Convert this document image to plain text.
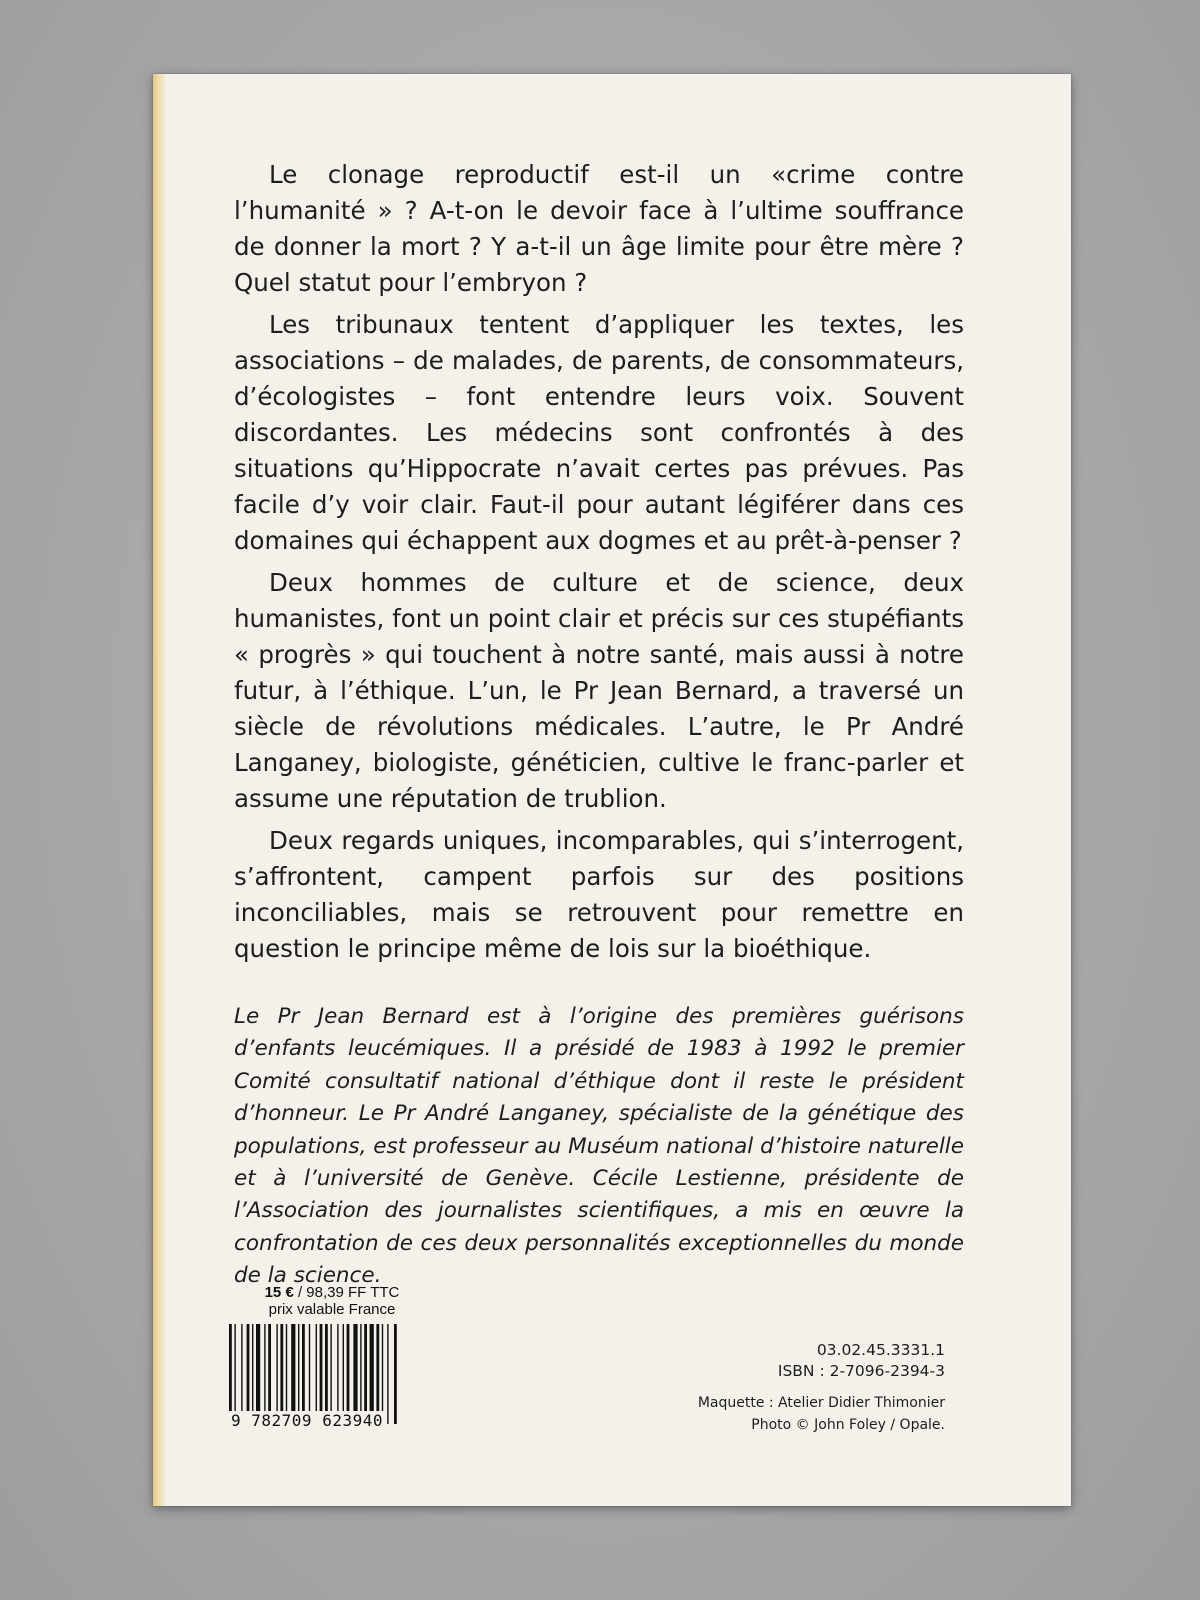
Le clonage reproductif est-il un «crime contre l’humanité » ? A-t-on le devoir face à l’ultime souffrance de donner la mort ? Y a-t-il un âge limite pour être mère ? Quel statut pour l’embryon ?

Les tribunaux tentent d’appliquer les textes, les associations – de malades, de parents, de consommateurs, d’écologistes – font entendre leurs voix. Souvent discordantes. Les médecins sont confrontés à des situations qu’Hippocrate n’avait certes pas prévues. Pas facile d’y voir clair. Faut-il pour autant légiférer dans ces domaines qui échappent aux dogmes et au prêt-à-penser ?

Deux hommes de culture et de science, deux humanistes, font un point clair et précis sur ces stupéfiants « progrès » qui touchent à notre santé, mais aussi à notre futur, à l’éthique. L’un, le Pr Jean Bernard, a traversé un siècle de révolutions médicales. L’autre, le Pr André Langaney, biologiste, généticien, cultive le franc-parler et assume une réputation de trublion.

Deux regards uniques, incomparables, qui s’interrogent, s’affrontent, campent parfois sur des positions inconciliables, mais se retrouvent pour remettre en question le principe même de lois sur la bioéthique.

Le Pr Jean Bernard est à l’origine des premières guérisons d’enfants leucémiques. Il a présidé de 1983 à 1992 le premier Comité consultatif national d’éthique dont il reste le président d’honneur. Le Pr André Langaney, spécialiste de la génétique des populations, est professeur au Muséum national d’histoire naturelle et à l’université de Genève. Cécile Lestienne, présidente de l’Association des journalistes scientifiques, a mis en œuvre la confrontation de ces deux personnalités exceptionnelles du monde de la science.
15 € / 98,39 FF TTC
prix valable France
9 782709 623940
03.02.45.3331.1
ISBN : 2-7096-2394-3
Maquette : Atelier Didier Thimonier
Photo © John Foley / Opale.
